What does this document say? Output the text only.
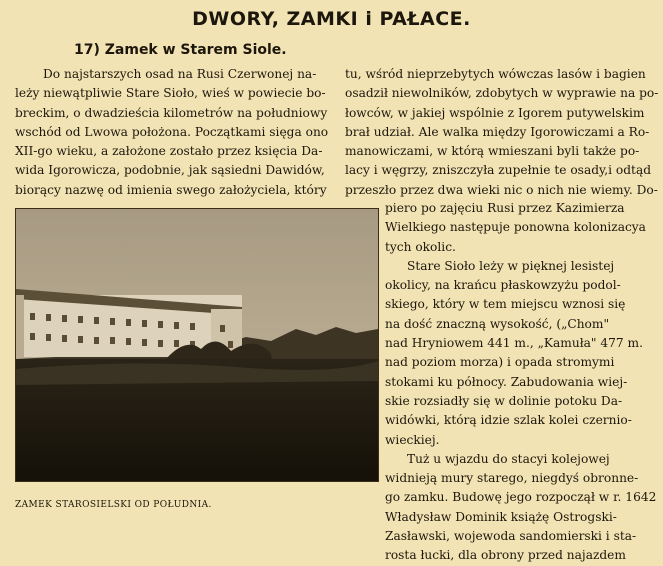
DWORY, ZAMKI i PAŁACE.
17) Zamek w Starem Siole.
Do najstarszych osad na Rusi Czerwonej na-
leży niewątpliwie Stare Sioło, wieś w powiecie bo-
breckim, o dwadzieścia kilometrów na południowy
wschód od Lwowa położona. Początkami sięga ono
XII-go wieku, a założone zostało przez księcia Da-
wida Igorowicza, podobnie, jak sąsiedni Dawidów,
biorący nazwę od imienia swego założyciela, który
tu, wśród nieprzebytych wówczas lasów i bagien
osadził niewolników, zdobytych w wyprawie na po-
łowców, w jakiej wspólnie z Igorem putywelskim
brał udział. Ale walka między Igorowiczami a Ro-
manowiczami, w którą wmieszani byli także po-
lacy i węgrzy, zniszczyła zupełnie te osady,i odtąd
przeszło przez dwa wieki nic o nich nie wiemy. Do-
piero po zajęciu Rusi przez Kazimierza
Wielkiego następuje ponowna kolonizacya
tych okolic.
Stare Sioło leży w pięknej lesistej
okolicy, na krańcu płaskowzyżu podol-
skiego, który w tem miejscu wznosi się
na dość znaczną wysokość, („Chom"
nad Hryniowem 441 m., „Kamuła" 477 m.
nad poziom morza) i opada stromymi
stokami ku północy. Zabudowania wiej-
skie rozsiadły się w dolinie potoku Da-
widówki, którą idzie szlak kolei czernio-
wieckiej.
Tuż u wjazdu do stacyi kolejowej
widnieją mury starego, niegdyś obronne-
go zamku. Budowę jego rozpoczął w r. 1642
Władysław Dominik książę Ostrogski-
Zasławski, wojewoda sandomierski i sta-
rosta łucki, dla obrony przed najazdem
ZAMEK STAROSIELSKI OD POŁUDNIA.
